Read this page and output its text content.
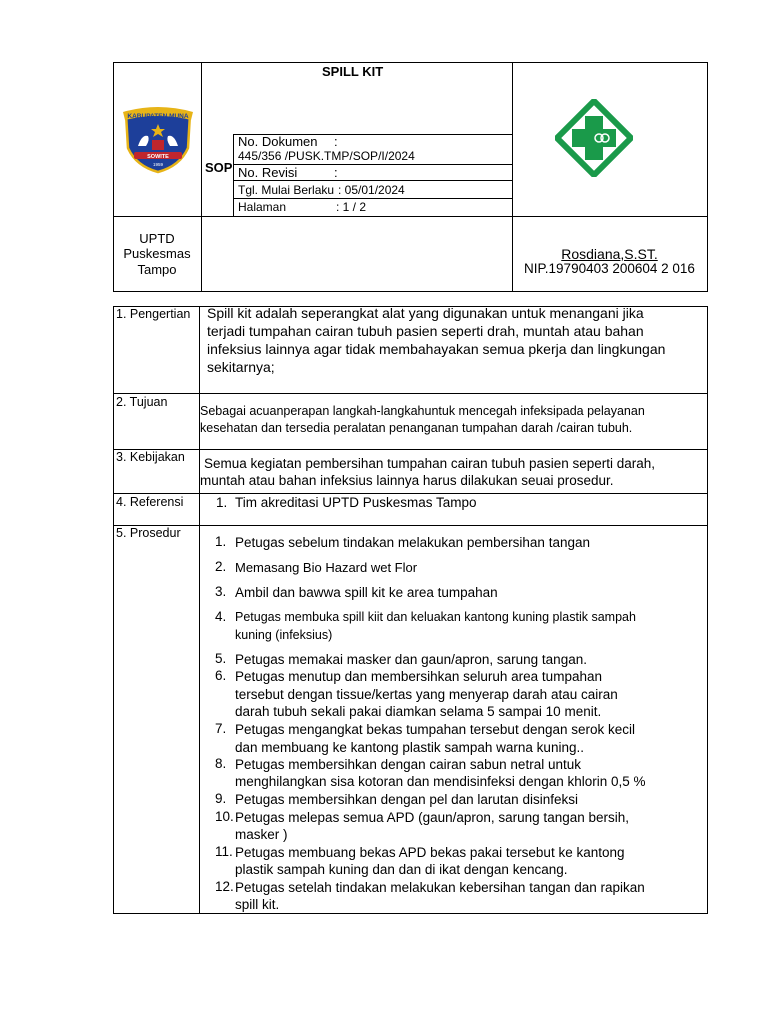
KABUPATEN MUNA
SOWITE
1959
SPILL KIT
SOP
No. Dokumen :
445/356 /PUSK.TMP/SOP/I/2024
No. Revisi	:
Tgl. Mulai Berlaku : 05/01/2024
Halaman	: 1 / 2
UPTD
Puskesmas
Tampo
Rosdiana,S.ST.
NIP.19790403 200604 2 016
1. Pengertian Spill kit adalah seperangkat alat yang digunakan untuk menangani jika
terjadi tumpahan cairan tubuh pasien seperti drah, muntah atau bahan
infeksius lainnya agar tidak membahayakan semua pkerja dan lingkungan
sekitarnya;
2. Tujuan
Sebagai acuanperapan langkah-langkahuntuk mencegah infeksipada pelayanan
kesehatan dan tersedia peralatan penanganan tumpahan darah /cairan tubuh.
3. Kebijakan Semua kegiatan pembersihan tumpahan cairan tubuh pasien seperti darah,
muntah atau bahan infeksius lainnya harus dilakukan seuai prosedur.
4. Referensi 1. Tim akreditasi UPTD Puskesmas Tampo
5. Prosedur
1. Petugas sebelum tindakan melakukan pembersihan tangan
2. Memasang Bio Hazard wet Flor
3. Ambil dan bawwa spill kit ke area tumpahan
4. Petugas membuka spill kiit dan keluakan kantong kuning plastik sampah
kuning (infeksius)
5. Petugas memakai masker dan gaun/apron, sarung tangan.
6. Petugas menutup dan membersihkan seluruh area tumpahan
tersebut dengan tissue/kertas yang menyerap darah atau cairan
darah tubuh sekali pakai diamkan selama 5 sampai 10 menit.
7. Petugas mengangkat bekas tumpahan tersebut dengan serok kecil
dan membuang ke kantong plastik sampah warna kuning..
8. Petugas membersihkan dengan cairan sabun netral untuk
menghilangkan sisa kotoran dan mendisinfeksi dengan khlorin 0,5 %
9. Petugas membersihkan dengan pel dan larutan disinfeksi
10. Petugas melepas semua APD (gaun/apron, sarung tangan bersih,
masker )
11. Petugas membuang bekas APD bekas pakai tersebut ke kantong
plastik sampah kuning dan dan di ikat dengan kencang.
12. Petugas setelah tindakan melakukan kebersihan tangan dan rapikan
spill kit.
